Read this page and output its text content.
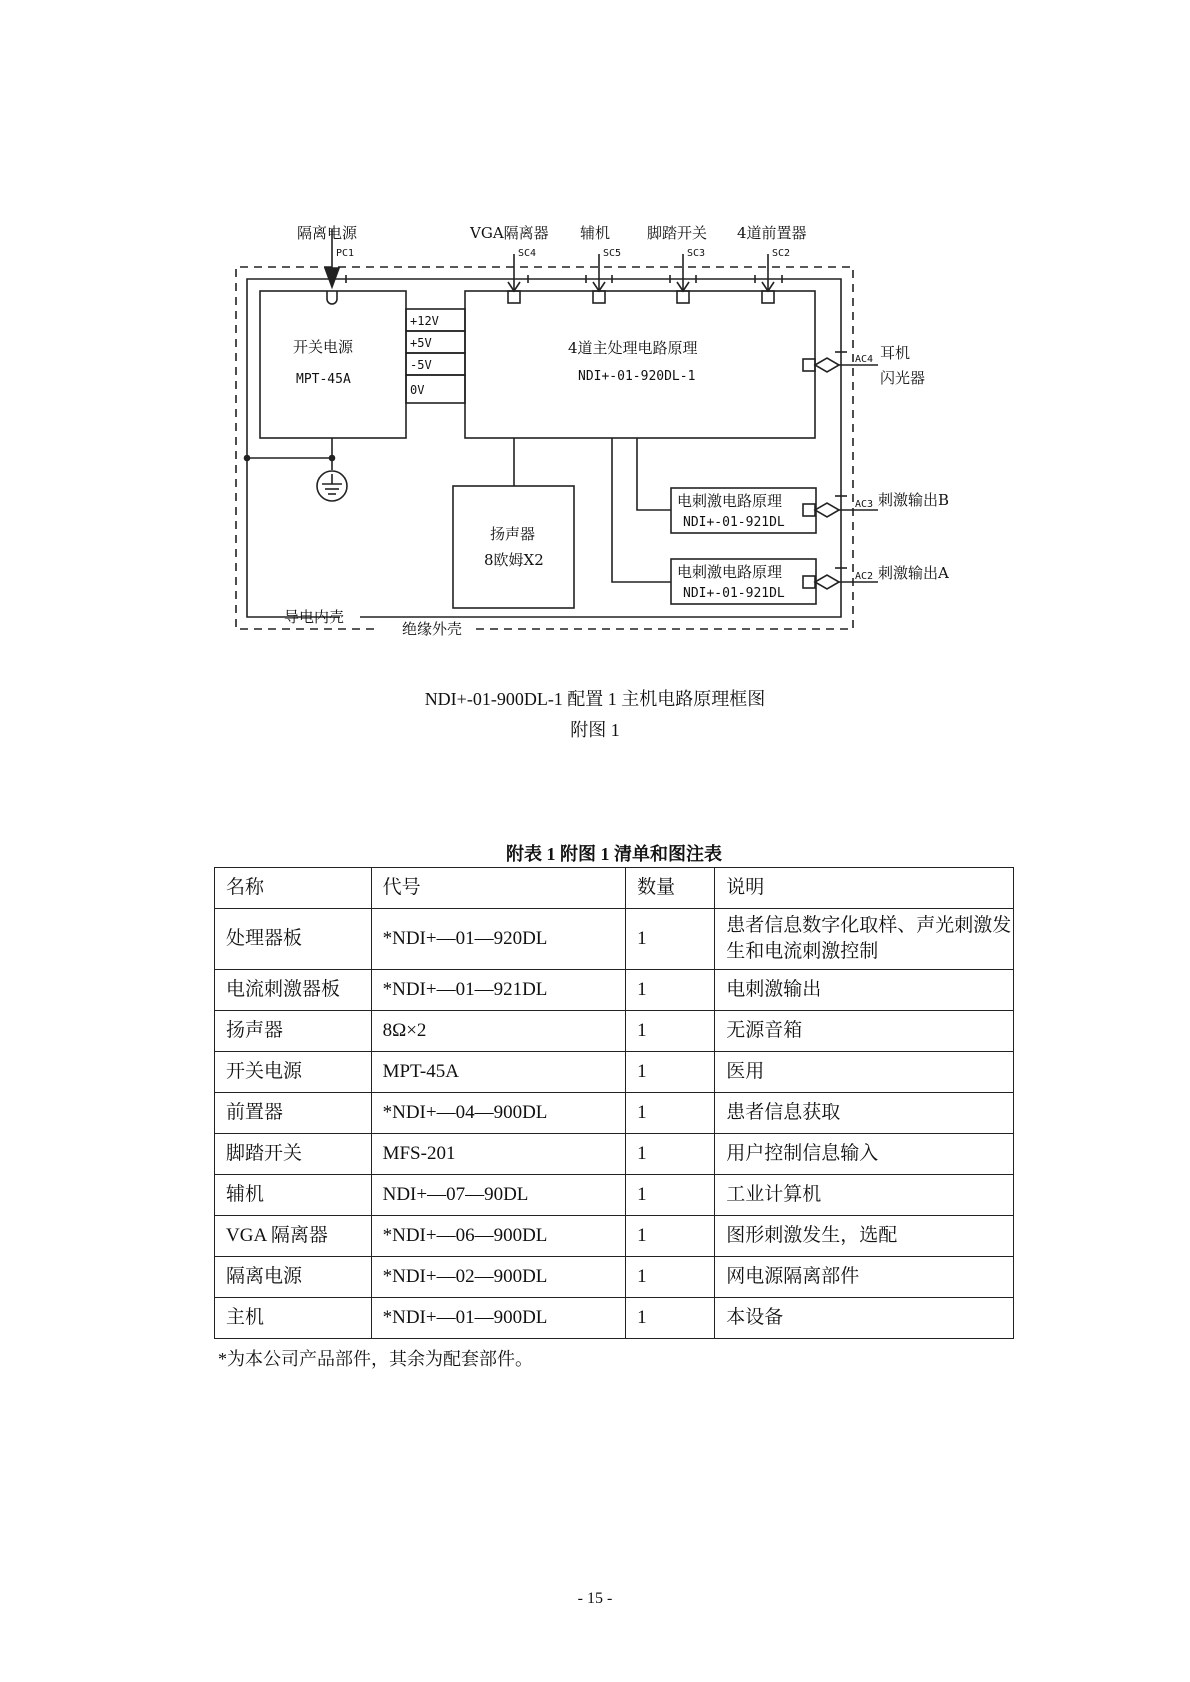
隔离电源	VGA隔离器 辅机 脚踏开关 4道前置器
开关电源
MPT-45A
4道主处理电路原理
NDI+-01-920DL-1
扬声器
8欧姆X2
电刺激电路原理
NDI+-01-921DL
电刺激电路原理
NDI+-01-921DL
耳机
闪光器
刺激输出B
刺激输出A
导电内壳
绝缘外壳
+12V
+5V
-5V
0V
PC1	SC4	SC5	SC3	SC2
AC4
AC3
AC2
NDI+-01-900DL-1 配置 1 主机电路原理框图
附图 1
附表 1 附图 1 清单和图注表
名称	代号	数量	说明
处理器板	*NDI+—01—920DL	1	患者信息数字化取样、声光刺激发生和电流刺激控制
电流刺激器板	*NDI+—01—921DL	1	电刺激输出
扬声器	8Ω×2	1	无源音箱
开关电源	MPT-45A	1	医用
前置器	*NDI+—04—900DL	1	患者信息获取
脚踏开关	MFS-201	1	用户控制信息输入
辅机	NDI+—07—90DL	1	工业计算机
VGA 隔离器	*NDI+—06—900DL	1	图形刺激发生，选配
隔离电源	*NDI+—02—900DL	1	网电源隔离部件
主机	*NDI+—01—900DL	1	本设备
*为本公司产品部件，其余为配套部件。
- 15 -
